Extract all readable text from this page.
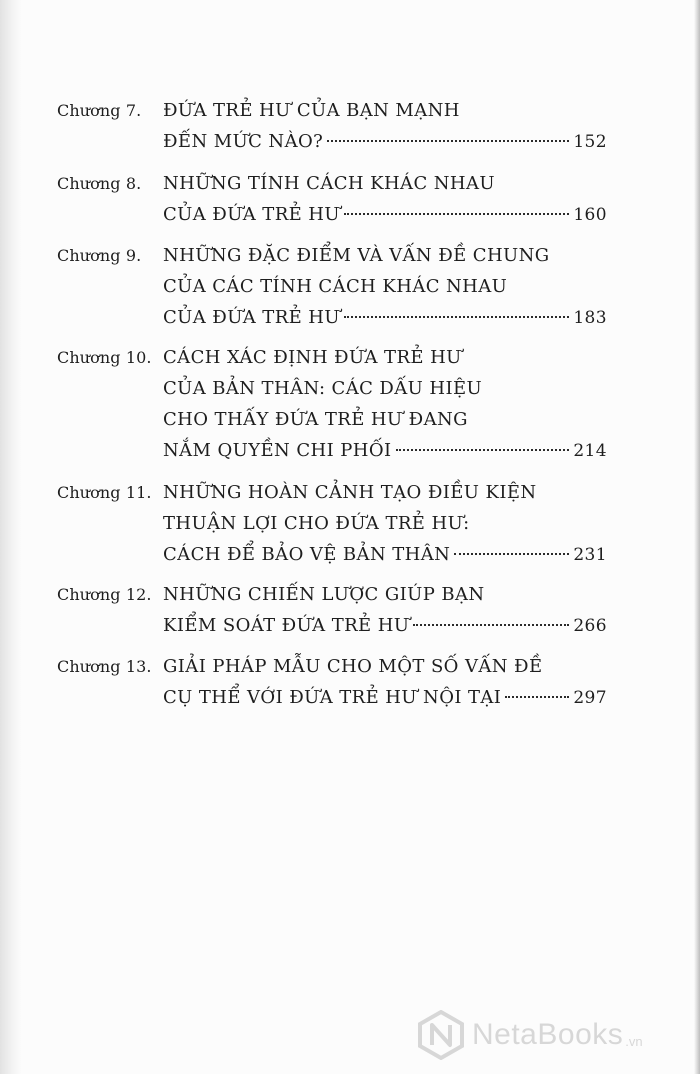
Chương 7. ĐỨA TRẺ HƯ CỦA BẠN MẠNH
ĐẾN MỨC NÀO?	152
Chương 8. NHỮNG TÍNH CÁCH KHÁC NHAU
CỦA ĐỨA TRẺ HƯ	160
Chương 9. NHỮNG ĐẶC ĐIỂM VÀ VẤN ĐỀ CHUNG
CỦA CÁC TÍNH CÁCH KHÁC NHAU
CỦA ĐỨA TRẺ HƯ	183
Chương 10. CÁCH XÁC ĐỊNH ĐỨA TRẺ HƯ
CỦA BẢN THÂN: CÁC DẤU HIỆU
CHO THẤY ĐỨA TRẺ HƯ ĐANG
NẮM QUYỀN CHI PHỐI	214
Chương 11. NHỮNG HOÀN CẢNH TẠO ĐIỀU KIỆN
THUẬN LỢI CHO ĐỨA TRẺ HƯ:
CÁCH ĐỂ BẢO VỆ BẢN THÂN	231
Chương 12. NHỮNG CHIẾN LƯỢC GIÚP BẠN
KIỂM SOÁT ĐỨA TRẺ HƯ	266
Chương 13. GIẢI PHÁP MẪU CHO MỘT SỐ VẤN ĐỀ
CỤ THỂ VỚI ĐỨA TRẺ HƯ NỘI TẠI	297
NetaBooks .vn
